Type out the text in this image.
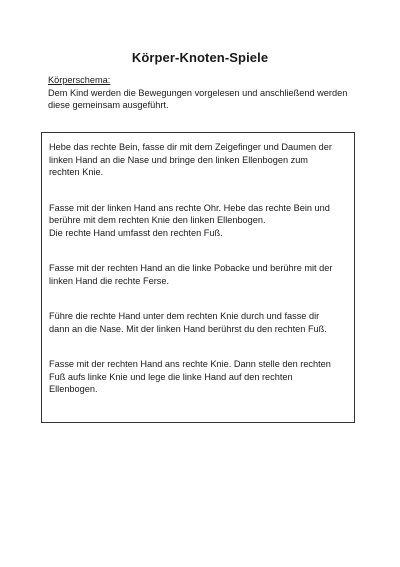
Körper-Knoten-Spiele
Körperschema:
Dem Kind werden die Bewegungen vorgelesen und anschließend werden diese gemeinsam ausgeführt.

Hebe das rechte Bein, fasse dir mit dem Zeigefinger und Daumen der
linken Hand an die Nase und bringe den linken Ellenbogen zum
rechten Knie.

Fasse mit der linken Hand ans rechte Ohr. Hebe das rechte Bein und
berühre mit dem rechten Knie den linken Ellenbogen.
Die rechte Hand umfasst den rechten Fuß.

Fasse mit der rechten Hand an die linke Pobacke und berühre mit der
linken Hand die rechte Ferse.

Führe die rechte Hand unter dem rechten Knie durch und fasse dir
dann an die Nase. Mit der linken Hand berührst du den rechten Fuß.

Fasse mit der rechten Hand ans rechte Knie. Dann stelle den rechten
Fuß aufs linke Knie und lege die linke Hand auf den rechten
Ellenbogen.
